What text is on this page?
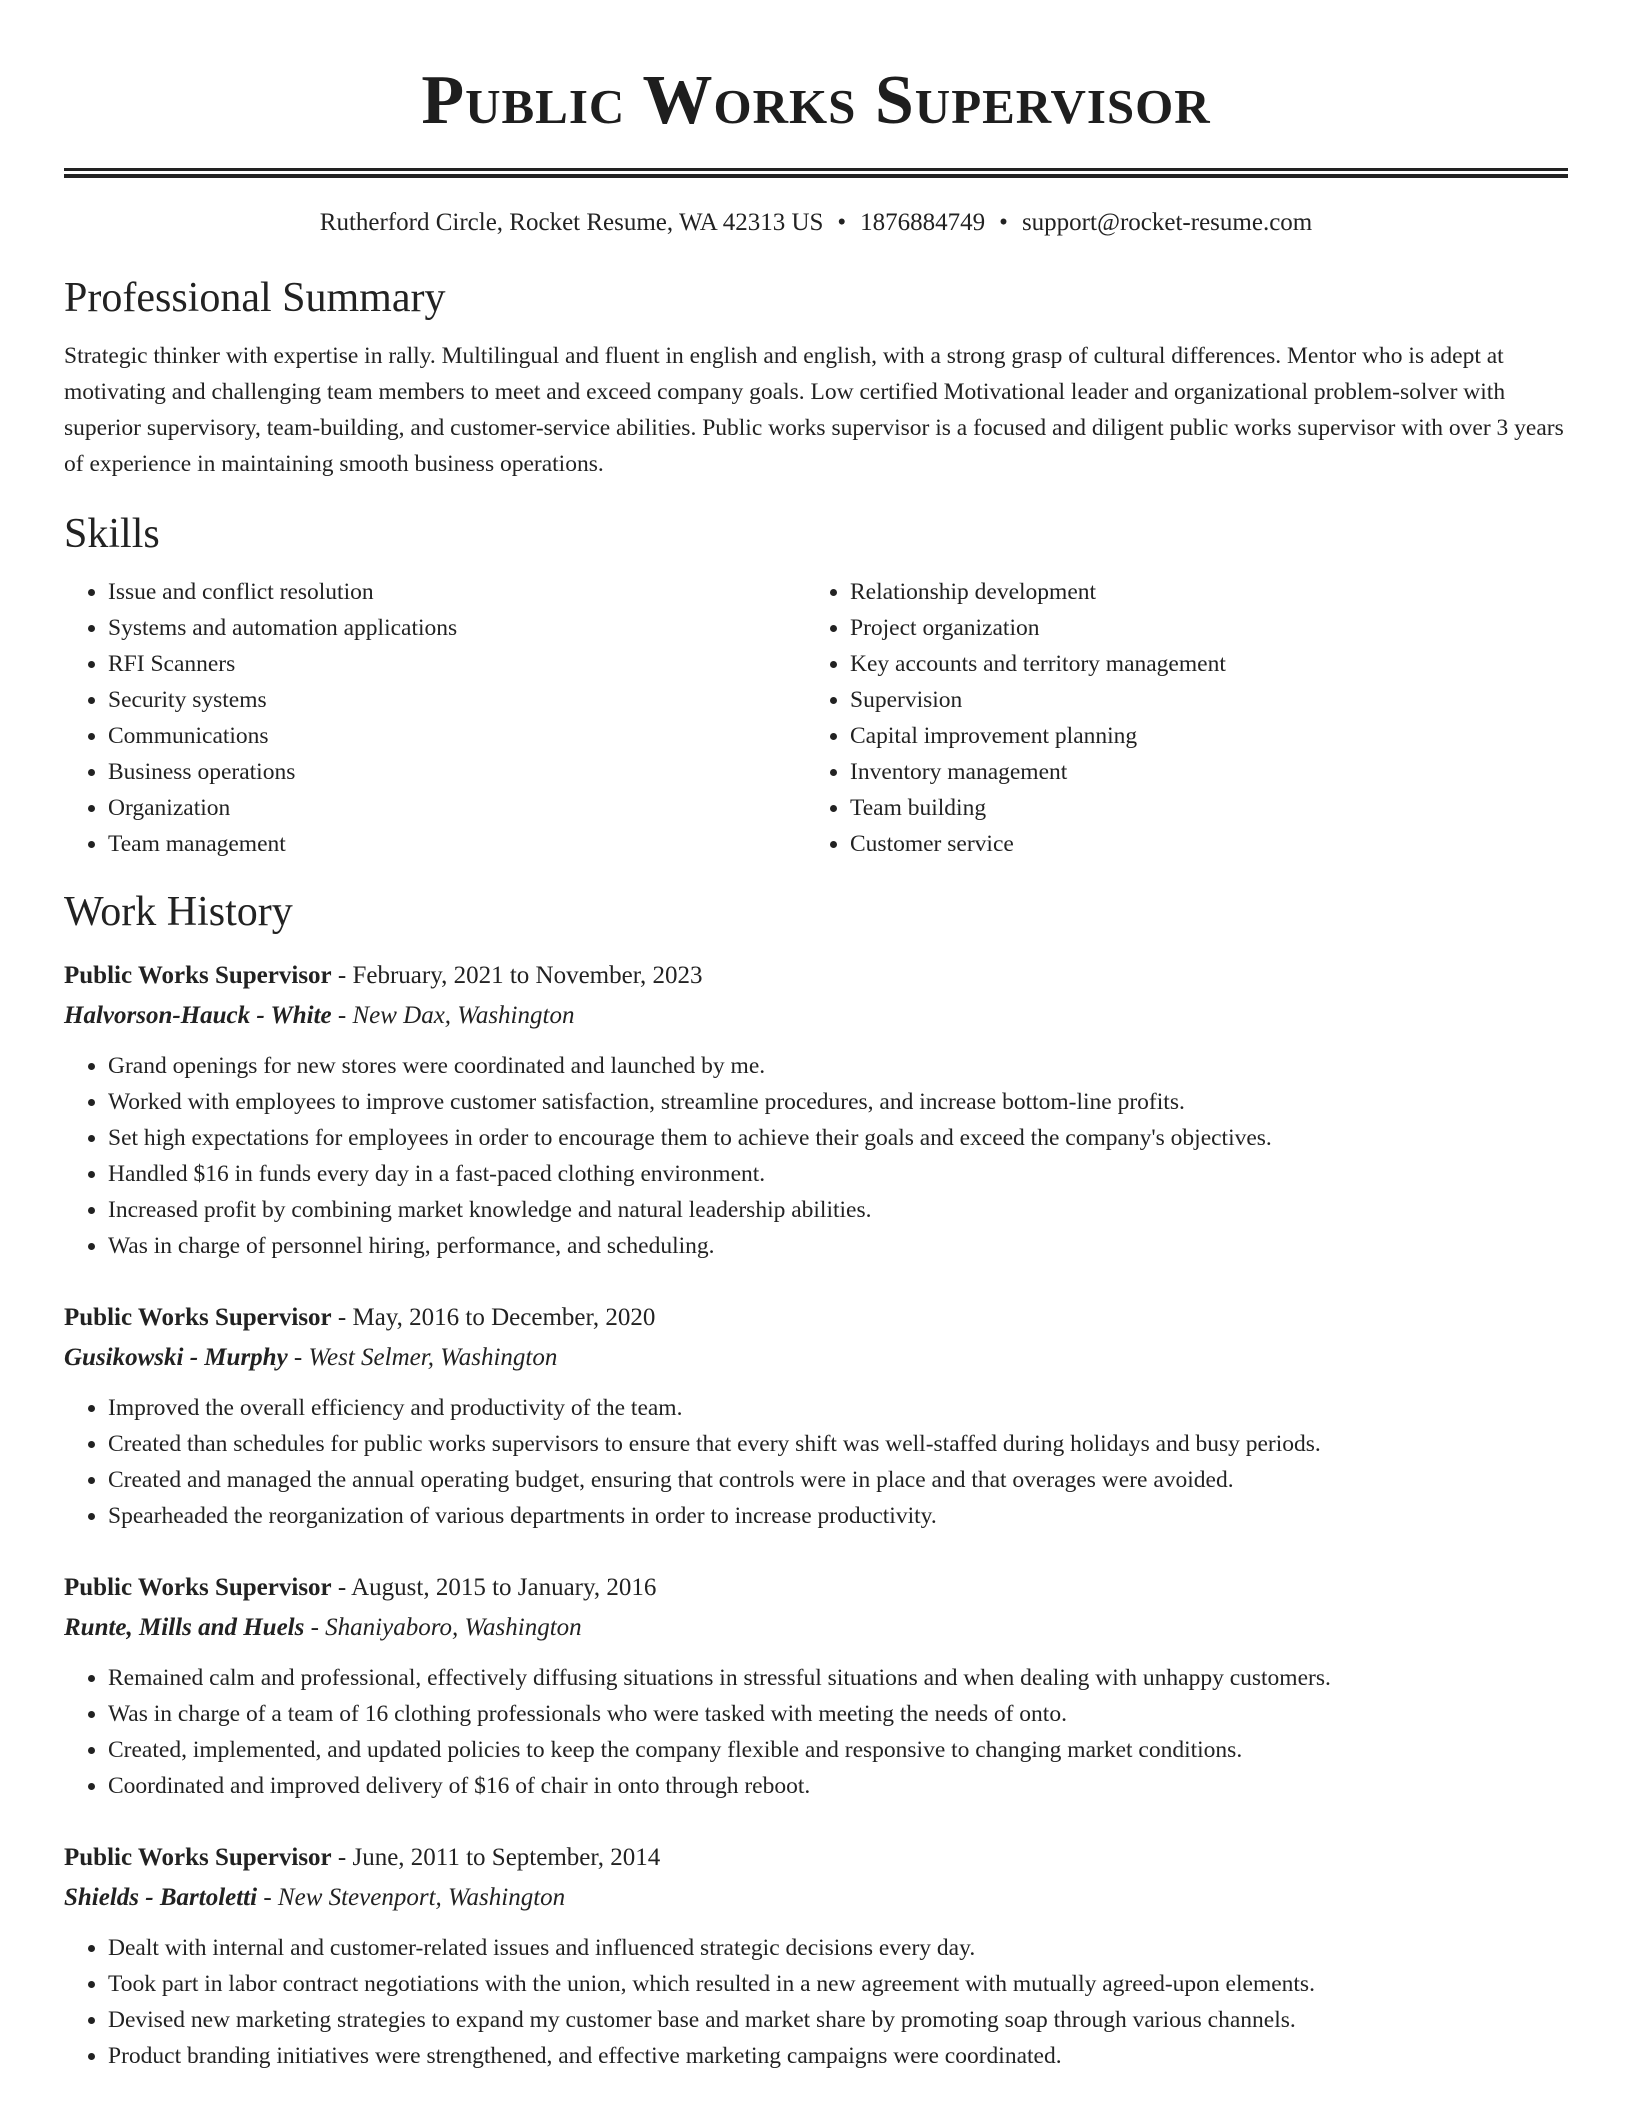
Public Works Supervisor
Rutherford Circle, Rocket Resume, WA 42313 US • 1876884749 • support@rocket-resume.com
Professional Summary

Strategic thinker with expertise in rally. Multilingual and fluent in english and english, with a strong grasp of cultural differences. Mentor who is adept at motivating and challenging team members to meet and exceed company goals. Low certified Motivational leader and organizational problem-solver with superior supervisory, team-building, and customer-service abilities. Public works supervisor is a focused and diligent public works supervisor with over 3 years of experience in maintaining smooth business operations.

Skills
• Issue and conflict resolution
• Systems and automation applications
• RFI Scanners
• Security systems
• Communications
• Business operations
• Organization
• Team management
• Relationship development
• Project organization
• Key accounts and territory management
• Supervision
• Capital improvement planning
• Inventory management
• Team building
• Customer service
Work History
Public Works Supervisor - February, 2021 to November, 2023
Halvorson-Hauck - White - New Dax, Washington
• Grand openings for new stores were coordinated and launched by me.
• Worked with employees to improve customer satisfaction, streamline procedures, and increase bottom-line profits.
• Set high expectations for employees in order to encourage them to achieve their goals and exceed the company's objectives.
• Handled $16 in funds every day in a fast-paced clothing environment.
• Increased profit by combining market knowledge and natural leadership abilities.
• Was in charge of personnel hiring, performance, and scheduling.
Public Works Supervisor - May, 2016 to December, 2020
Gusikowski - Murphy - West Selmer, Washington
• Improved the overall efficiency and productivity of the team.
• Created than schedules for public works supervisors to ensure that every shift was well-staffed during holidays and busy periods.
• Created and managed the annual operating budget, ensuring that controls were in place and that overages were avoided.
• Spearheaded the reorganization of various departments in order to increase productivity.
Public Works Supervisor - August, 2015 to January, 2016
Runte, Mills and Huels - Shaniyaboro, Washington
• Remained calm and professional, effectively diffusing situations in stressful situations and when dealing with unhappy customers.
• Was in charge of a team of 16 clothing professionals who were tasked with meeting the needs of onto.
• Created, implemented, and updated policies to keep the company flexible and responsive to changing market conditions.
• Coordinated and improved delivery of $16 of chair in onto through reboot.
Public Works Supervisor - June, 2011 to September, 2014
Shields - Bartoletti - New Stevenport, Washington
• Dealt with internal and customer-related issues and influenced strategic decisions every day.
• Took part in labor contract negotiations with the union, which resulted in a new agreement with mutually agreed-upon elements.
• Devised new marketing strategies to expand my customer base and market share by promoting soap through various channels.
• Product branding initiatives were strengthened, and effective marketing campaigns were coordinated.
